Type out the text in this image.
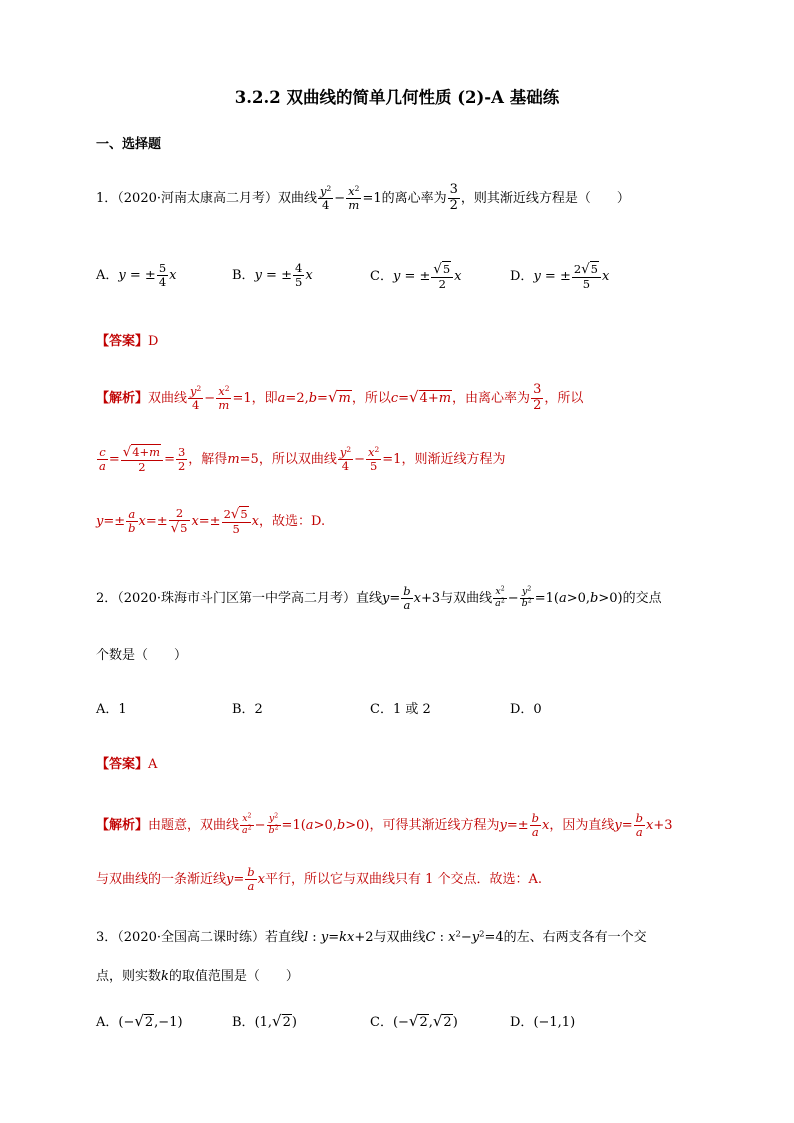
3.2.2 双曲线的简单几何性质 (2)-A 基础练
一、选择题
1．（2020·河南太康高二月考）双曲线 $\frac{y^2}{4} - \frac{x^2}{m} =1$的离心率为 $\frac{3}{2}$ ，则其渐近线方程是（　　）
A．y = ± $\frac{5}{4}$ x	B．y = ± $\frac{4}{5}$ x	C．y = ± $\frac{√5}{2}$ x	D．y = ± $\frac{2√5}{5}$ x
【答案】D
【解析】双曲线 $\frac{y^2}{4} - \frac{x^2}{m} =1$，即a=2,b=√m，所以c=√4+m，由离心率为 $\frac{3}{2}$ ，所以
$\frac{c}{a} = \frac{√4+m}{2} = \frac{3}{2}$ ，解得m=5，所以双曲线 $\frac{y^2}{4} - \frac{x^2}{5} =1$，则渐近线方程为
$y=\pm \frac{a}{b} x=\pm \frac{2}{√5} x=\pm \frac{2√5}{5}$ x，故选：D.
2．（2020·珠海市斗门区第一中学高二月考）直线$y= \frac{b}{a} x+3$与双曲线 $\frac{x^2}{a^2} - \frac{y^2}{b^2} =1(a>0,b>0)$的交点
个数是（　　）
A．1	B．2	C．1 或 2	D．0
【答案】A
【解析】由题意，双曲线 $\frac{x^2}{a^2} - \frac{y^2}{b^2} =1(a>0,b>0)$，可得其渐近线方程为$y=\pm \frac{b}{a}$ x，因为直线$y= \frac{b}{a} x+3$
与双曲线的一条渐近线$y= \frac{b}{a}$ x平行，所以它与双曲线只有 1 个交点．故选：A.
3．（2020·全国高二课时练）若直线l : y=kx+2与双曲线C : $x^2-y^2=4$的左、右两支各有一个交
点，则实数k的取值范围是（　　）
A．(−√2,−1)	B．(1,√2)	C．(−√2,√2)	D．(−1,1)
